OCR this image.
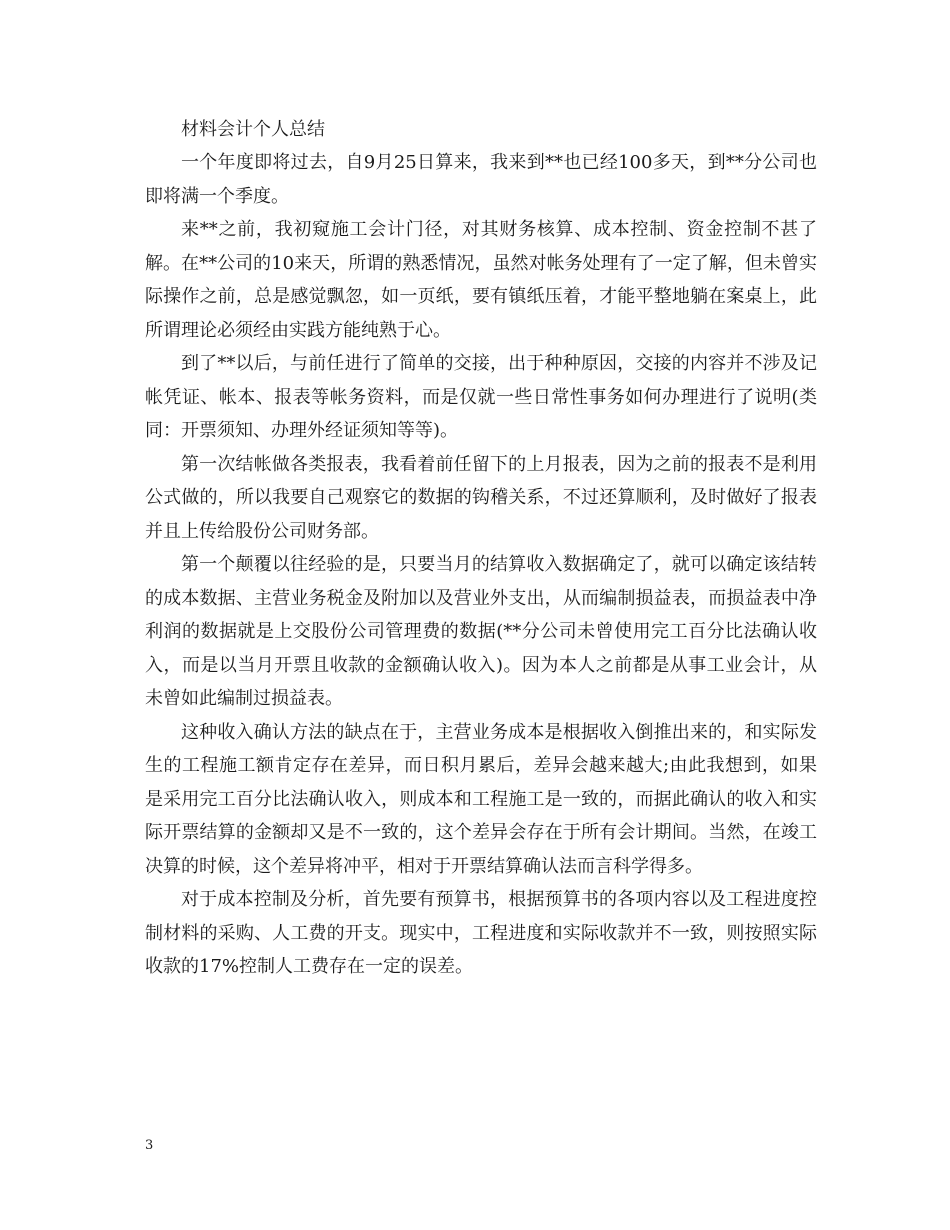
材料会计个人总结

一个年度即将过去，自9月25日算来，我来到**也已经100多天，到**分公司也即将满一个季度。

来**之前，我初窥施工会计门径，对其财务核算、成本控制、资金控制不甚了解。在**公司的10来天，所谓的熟悉情况，虽然对帐务处理有了一定了解，但未曾实际操作之前，总是感觉飘忽，如一页纸，要有镇纸压着，才能平整地躺在案桌上，此所谓理论必须经由实践方能纯熟于心。

到了**以后，与前任进行了简单的交接，出于种种原因，交接的内容并不涉及记帐凭证、帐本、报表等帐务资料，而是仅就一些日常性事务如何办理进行了说明(类同：开票须知、办理外经证须知等等)。

第一次结帐做各类报表，我看着前任留下的上月报表，因为之前的报表不是利用公式做的，所以我要自己观察它的数据的钩稽关系，不过还算顺利，及时做好了报表并且上传给股份公司财务部。

第一个颠覆以往经验的是，只要当月的结算收入数据确定了，就可以确定该结转的成本数据、主营业务税金及附加以及营业外支出，从而编制损益表，而损益表中净利润的数据就是上交股份公司管理费的数据(**分公司未曾使用完工百分比法确认收入，而是以当月开票且收款的金额确认收入)。因为本人之前都是从事工业会计，从未曾如此编制过损益表。

这种收入确认方法的缺点在于，主营业务成本是根据收入倒推出来的，和实际发生的工程施工额肯定存在差异，而日积月累后，差异会越来越大;由此我想到，如果是采用完工百分比法确认收入，则成本和工程施工是一致的，而据此确认的收入和实际开票结算的金额却又是不一致的，这个差异会存在于所有会计期间。当然，在竣工决算的时候，这个差异将冲平，相对于开票结算确认法而言科学得多。

对于成本控制及分析，首先要有预算书，根据预算书的各项内容以及工程进度控制材料的采购、人工费的开支。现实中，工程进度和实际收款并不一致，则按照实际收款的17%控制人工费存在一定的误差。

3
